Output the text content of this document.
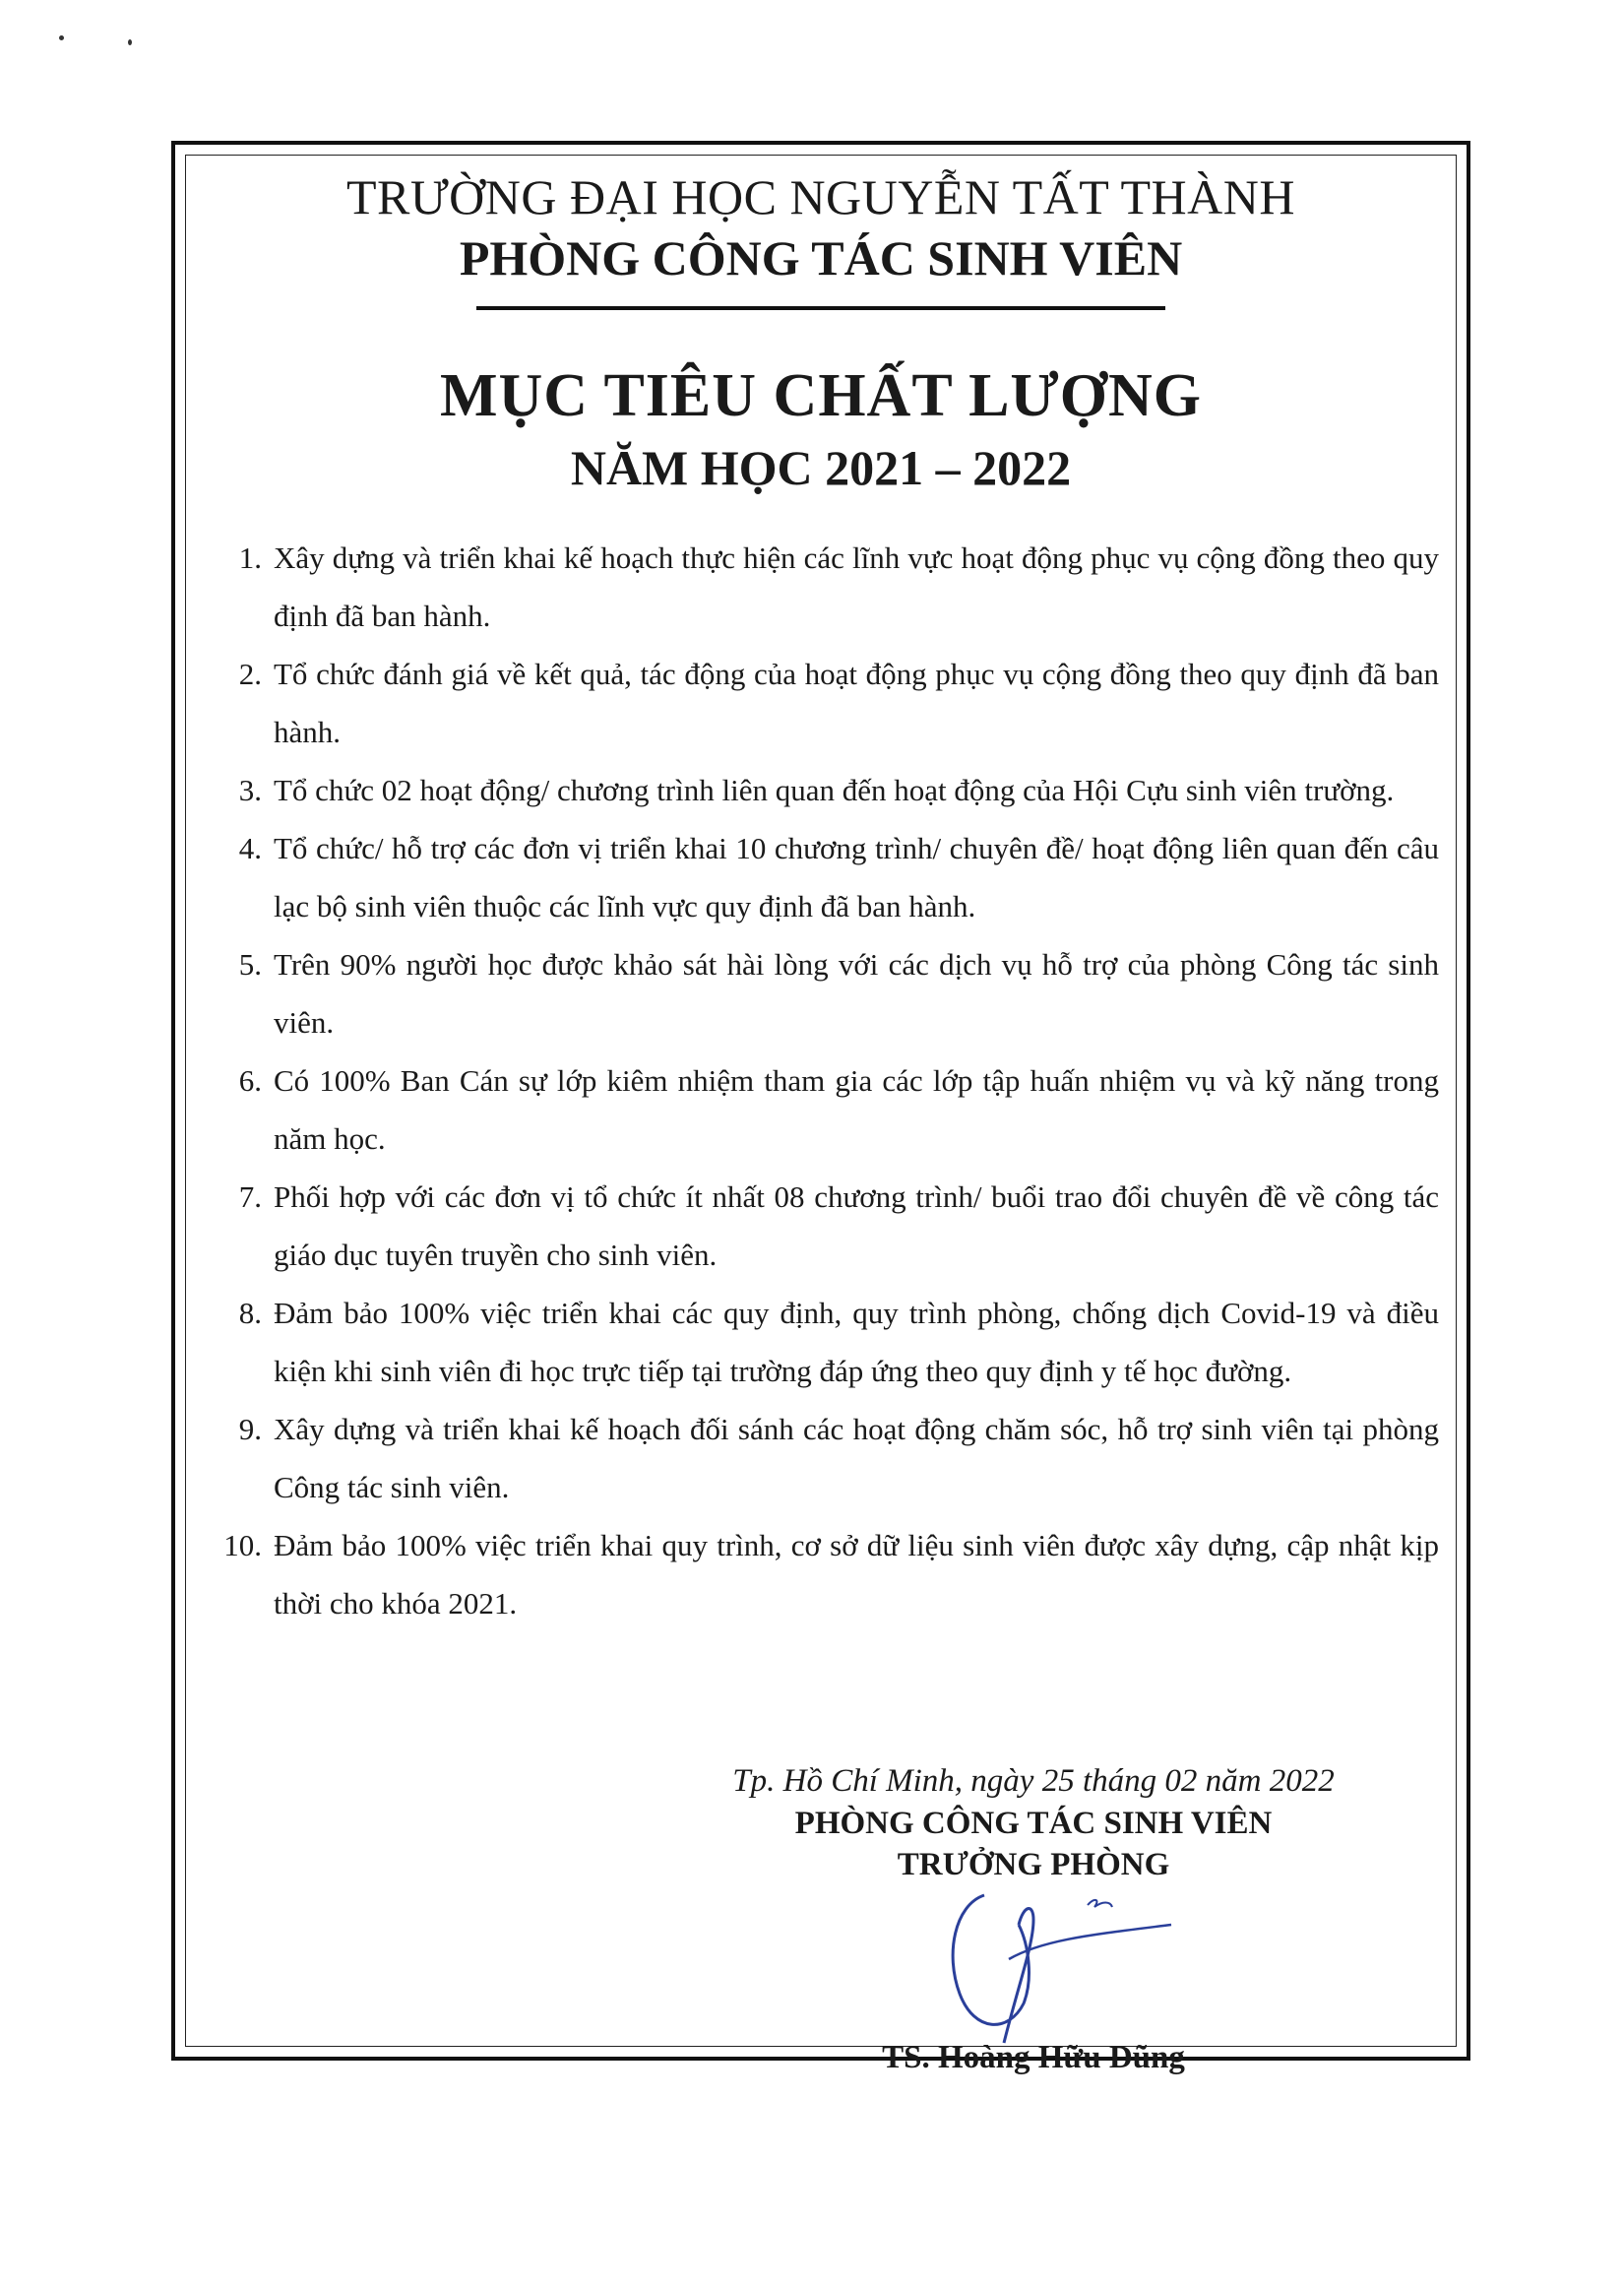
TRƯỜNG ĐẠI HỌC NGUYỄN TẤT THÀNH
PHÒNG CÔNG TÁC SINH VIÊN
MỤC TIÊU CHẤT LƯỢNG
NĂM HỌC 2021 – 2022
1. Xây dựng và triển khai kế hoạch thực hiện các lĩnh vực hoạt động phục vụ cộng đồng theo quy định đã ban hành.
2. Tổ chức đánh giá về kết quả, tác động của hoạt động phục vụ cộng đồng theo quy định đã ban hành.
3. Tổ chức 02 hoạt động/ chương trình liên quan đến hoạt động của Hội Cựu sinh viên trường.
4. Tổ chức/ hỗ trợ các đơn vị triển khai 10 chương trình/ chuyên đề/ hoạt động liên quan đến câu lạc bộ sinh viên thuộc các lĩnh vực quy định đã ban hành.
5. Trên 90% người học được khảo sát hài lòng với các dịch vụ hỗ trợ của phòng Công tác sinh viên.
6. Có 100% Ban Cán sự lớp kiêm nhiệm tham gia các lớp tập huấn nhiệm vụ và kỹ năng trong năm học.
7. Phối hợp với các đơn vị tổ chức ít nhất 08 chương trình/ buổi trao đổi chuyên đề về công tác giáo dục tuyên truyền cho sinh viên.
8. Đảm bảo 100% việc triển khai các quy định, quy trình phòng, chống dịch Covid-19 và điều kiện khi sinh viên đi học trực tiếp tại trường đáp ứng theo quy định y tế học đường.
9. Xây dựng và triển khai kế hoạch đối sánh các hoạt động chăm sóc, hỗ trợ sinh viên tại phòng Công tác sinh viên.
10. Đảm bảo 100% việc triển khai quy trình, cơ sở dữ liệu sinh viên được xây dựng, cập nhật kịp thời cho khóa 2021.
Tp. Hồ Chí Minh, ngày 25 tháng 02 năm 2022
PHÒNG CÔNG TÁC SINH VIÊN
TRƯỞNG PHÒNG
TS. Hoàng Hữu Dũng
